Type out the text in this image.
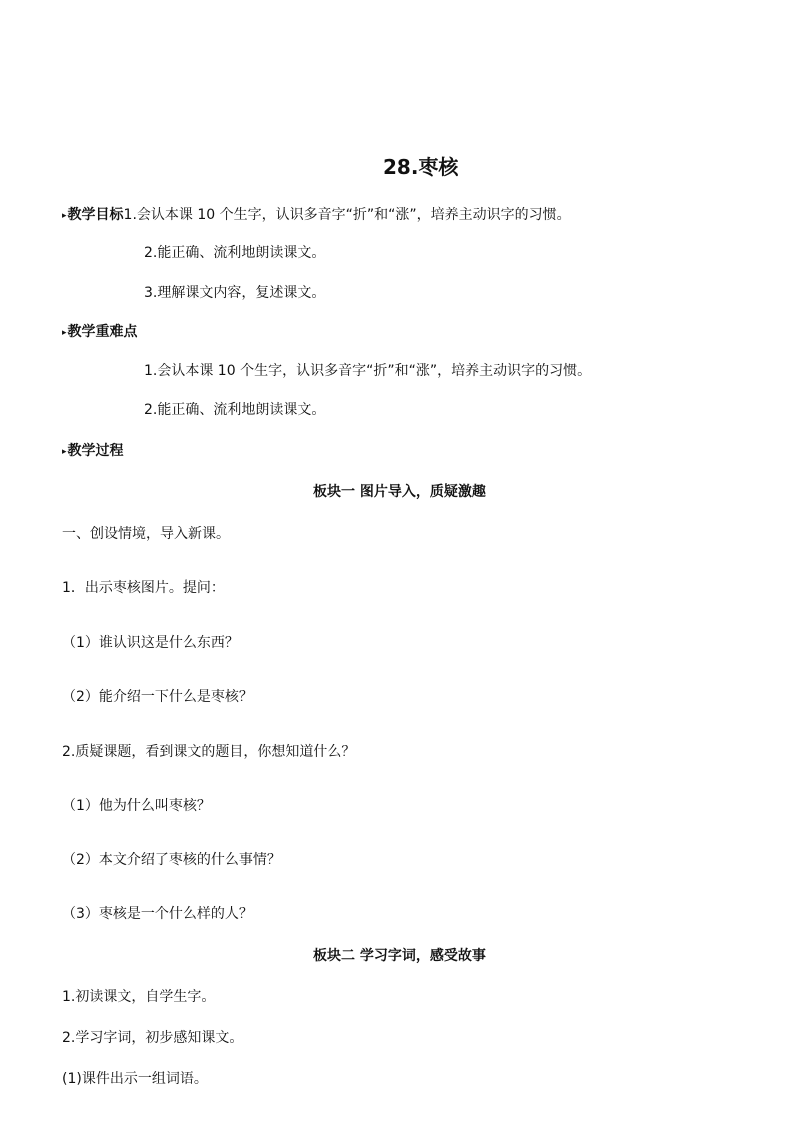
28.枣核
▸教学目标1.会认本课 10 个生字，认识多音字“折”和“涨”，培养主动识字的习惯。
2.能正确、流利地朗读课文。
3.理解课文内容，复述课文。
▸教学重难点
1.会认本课 10 个生字，认识多音字“折”和“涨”，培养主动识字的习惯。
2.能正确、流利地朗读课文。
▸教学过程
板块一 图片导入，质疑激趣
一、创设情境，导入新课。
1．出示枣核图片。提问：
（1）谁认识这是什么东西？
（2）能介绍一下什么是枣核？
2.质疑课题，看到课文的题目，你想知道什么？
（1）他为什么叫枣核？
（2）本文介绍了枣核的什么事情？
（3）枣核是一个什么样的人？
板块二 学习字词，感受故事
1.初读课文，自学生字。
2.学习字词，初步感知课文。
(1)课件出示一组词语。
